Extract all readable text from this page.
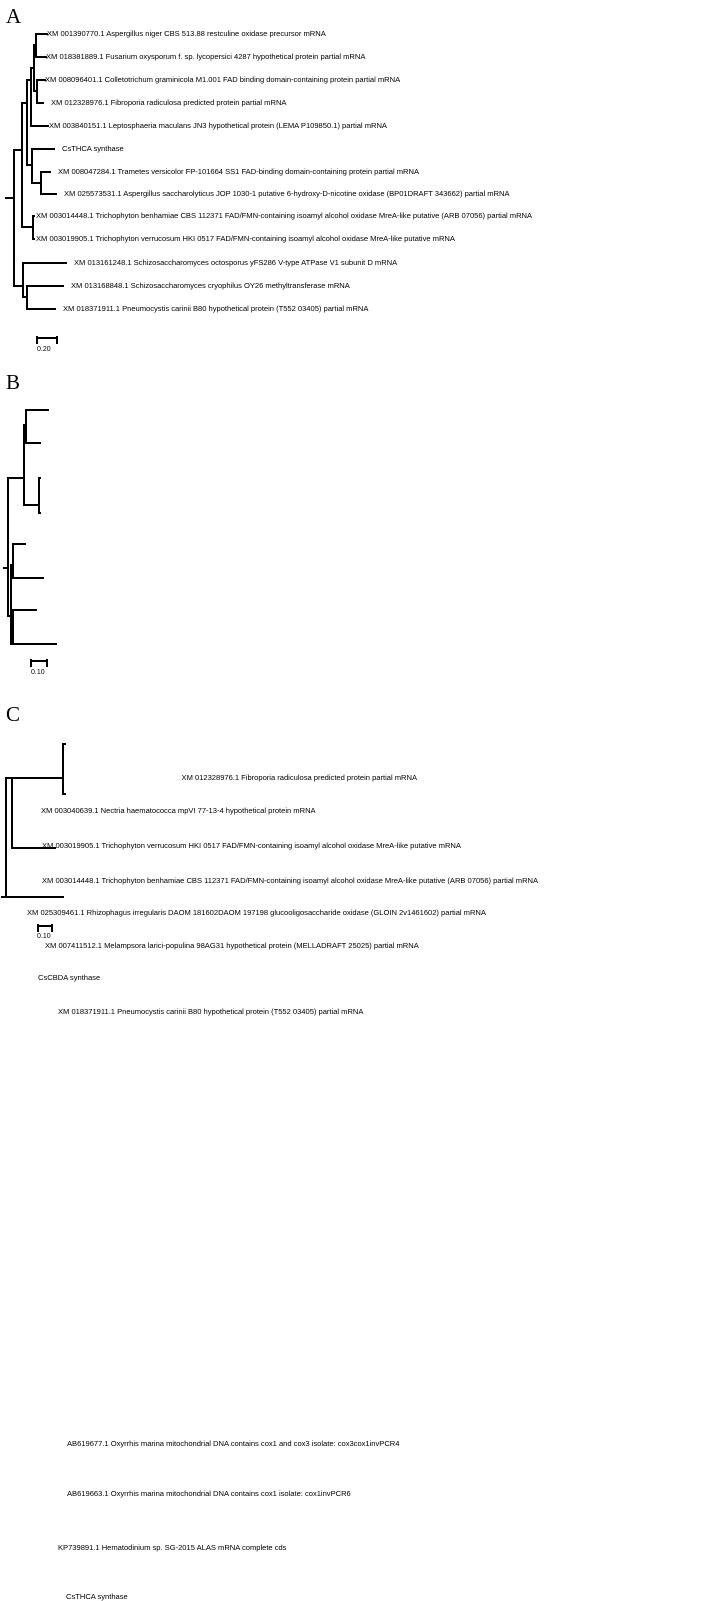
A
XM 001390770.1 Aspergillus niger CBS 513.88 restculine oxidase precursor mRNA
XM 018381889.1 Fusarium oxysporum f. sp. lycopersici 4287 hypothetical protein partial mRNA
XM 008096401.1 Colletotrichum graminicola M1.001 FAD binding domain-containing protein partial mRNA
XM 012328976.1 Fibroporia radiculosa predicted protein partial mRNA
XM 003840151.1 Leptosphaeria maculans JN3 hypothetical protein (LEMA P109850.1) partial mRNA
CsTHCA synthase
XM 008047284.1 Trametes versicolor FP-101664 SS1 FAD-binding domain-containing protein partial mRNA
XM 025573531.1 Aspergillus saccharolyticus JOP 1030-1 putative 6-hydroxy-D-nicotine oxidase (BP01DRAFT 343662) partial mRNA
XM 003014448.1 Trichophyton benhamiae CBS 112371 FAD/FMN-containing isoamyl alcohol oxidase MreA-like putative (ARB 07056) partial mRNA
XM 003019905.1 Trichophyton verrucosum HKI 0517 FAD/FMN-containing isoamyl alcohol oxidase MreA-like putative mRNA
XM 013161248.1 Schizosaccharomyces octosporus yFS286 V-type ATPase V1 subunit D mRNA
XM 013168848.1 Schizosaccharomyces cryophilus OY26 methyltransferase mRNA
XM 018371911.1 Pneumocystis carinii B80 hypothetical protein (T552 03405) partial mRNA
0.20
B
XM 012328976.1 Fibroporia radiculosa predicted protein partial mRNA
XM 003040639.1 Nectria haematococca mpVI 77-13-4 hypothetical protein mRNA
XM 003019905.1 Trichophyton verrucosum HKI 0517 FAD/FMN-containing isoamyl alcohol oxidase MreA-like putative mRNA
XM 003014448.1 Trichophyton benhamiae CBS 112371 FAD/FMN-containing isoamyl alcohol oxidase MreA-like putative (ARB 07056) partial mRNA
XM 025309461.1 Rhizophagus irregularis DAOM 181602DAOM 197198 glucooligosaccharide oxidase (GLOIN 2v1461602) partial mRNA
XM 007411512.1 Melampsora larici-populina 98AG31 hypothetical protein (MELLADRAFT 25025) partial mRNA
CsCBDA synthase
XM 018371911.1 Pneumocystis carinii B80 hypothetical protein (T552 03405) partial mRNA
0.10
C
AB619677.1 Oxyrrhis marina mitochondrial DNA contains cox1 and cox3 isolate: cox3cox1invPCR4
AB619663.1 Oxyrrhis marina mitochondrial DNA contains cox1 isolate: cox1invPCR6
KP739891.1 Hematodinium sp. SG-2015 ALAS mRNA complete cds
CsTHCA synthase
0.10
